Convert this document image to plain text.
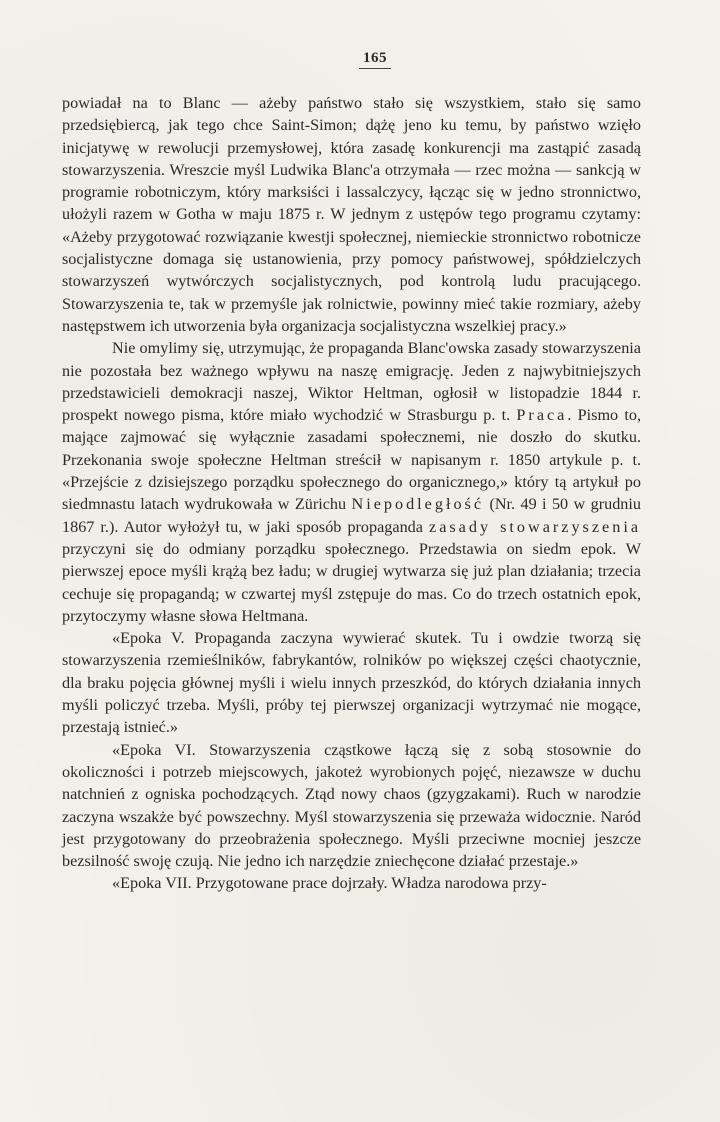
165

powiadał na to Blanc — ażeby państwo stało się wszystkiem, stało się samo przedsiębiercą, jak tego chce Saint-Simon; dążę jeno ku temu, by państwo wzięło inicjatywę w rewolucji przemysłowej, która zasadę konkurencji ma zastąpić zasadą stowarzyszenia. Wreszcie myśl Ludwika Blanc'a otrzymała — rzec można — sankcją w programie robotniczym, który marksiści i lassalczycy, łącząc się w jedno stronnictwo, ułożyli razem w Gotha w maju 1875 r. W jednym z ustępów tego programu czytamy: «Ażeby przygotować rozwiązanie kwestji społecznej, niemieckie stronnictwo robotnicze socjalistyczne domaga się ustanowienia, przy pomocy państwowej, spółdzielczych stowarzyszeń wytwórczych socjalistycznych, pod kontrolą ludu pracującego. Stowarzyszenia te, tak w przemyśle jak rolnictwie, powinny mieć takie rozmiary, ażeby następstwem ich utworzenia była organizacja socjalistyczna wszelkiej pracy.»

Nie omylimy się, utrzymując, że propaganda Blanc'owska zasady stowarzyszenia nie pozostała bez ważnego wpływu na naszę emigrację. Jeden z najwybitniejszych przedstawicieli demokracji naszej, Wiktor Heltman, ogłosił w listopadzie 1844 r. prospekt nowego pisma, które miało wychodzić w Strasburgu p. t. Praca. Pismo to, mające zajmować się wyłącznie zasadami społecznemi, nie doszło do skutku. Przekonania swoje społeczne Heltman streścił w napisanym r. 1850 artykule p. t. «Przejście z dzisiejszego porządku społecznego do organicznego,» który tą artykuł po siedmnastu latach wydrukowała w Zürichu Niepodległość (Nr. 49 i 50 w grudniu 1867 r.). Autor wyłożył tu, w jaki sposób propaganda zasady stowarzyszenia przyczyni się do odmiany porządku społecznego. Przedstawia on siedm epok. W pierwszej epoce myśli krążą bez ładu; w drugiej wytwarza się już plan działania; trzecia cechuje się propagandą; w czwartej myśl zstępuje do mas. Co do trzech ostatnich epok, przytoczymy własne słowa Heltmana.

«Epoka V. Propaganda zaczyna wywierać skutek. Tu i owdzie tworzą się stowarzyszenia rzemieślników, fabrykantów, rolników po większej części chaotycznie, dla braku pojęcia głównej myśli i wielu innych przeszkód, do których działania innych myśli policzyć trzeba. Myśli, próby tej pierwszej organizacji wytrzymać nie mogące, przestają istnieć.»

«Epoka VI. Stowarzyszenia cząstkowe łączą się z sobą stosownie do okoliczności i potrzeb miejscowych, jakoteż wyrobionych pojęć, niezawsze w duchu natchnień z ogniska pochodzących. Ztąd nowy chaos (gzygzakami). Ruch w narodzie zaczyna wszakże być powszechny. Myśl stowarzyszenia się przeważa widocznie. Naród jest przygotowany do przeobrażenia społecznego. Myśli przeciwne mocniej jeszcze bezsilność swoję czują. Nie jedno ich narzędzie zniechęcone działać przestaje.»

«Epoka VII. Przygotowane prace dojrzały. Władza narodowa przy-
